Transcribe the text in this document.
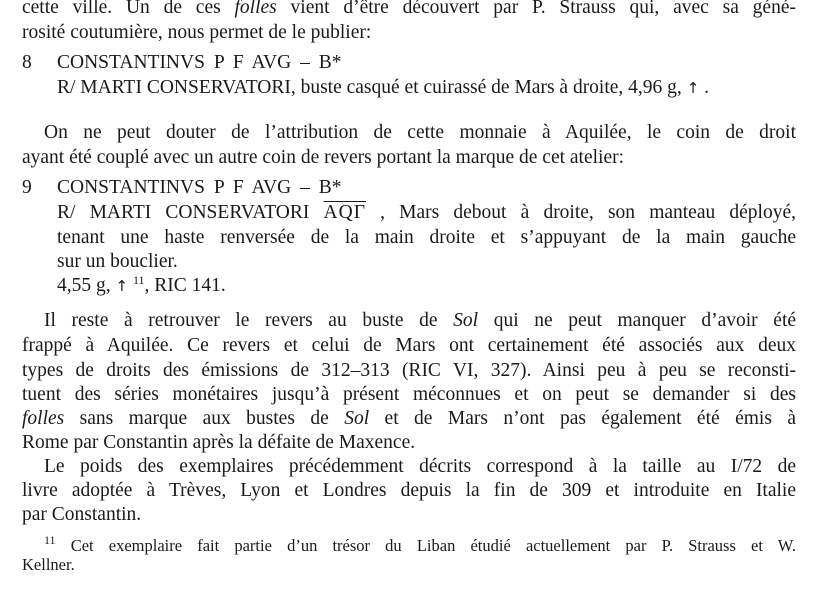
cette ville. Un de ces folles vient d’être découvert par P. Strauss qui, avec sa géné-
rosité coutumière, nous permet de le publier:
8 CONSTANTINVS P F AVG – B*
R/ MARTI CONSERVATORI, buste casqué et cuirassé de Mars à droite, 4,96 g, ↑ .
On ne peut douter de l’attribution de cette monnaie à Aquilée, le coin de droit
ayant été couplé avec un autre coin de revers portant la marque de cet atelier:
9 CONSTANTINVS P F AVG – B*
R/ MARTI CONSERVATORI $\overline{AQ\Gamma}$ , Mars debout à droite, son manteau déployé,
tenant une haste renversée de la main droite et s’appuyant de la main gauche
sur un bouclier.
4,55 g, ↑ $^{11}$, RIC 141.
Il reste à retrouver le revers au buste de Sol qui ne peut manquer d’avoir été
frappé à Aquilée. Ce revers et celui de Mars ont certainement été associés aux deux
types de droits des émissions de 312–313 (RIC VI, 327). Ainsi peu à peu se reconsti-
tuent des séries monétaires jusqu’à présent méconnues et on peut se demander si des
folles sans marque aux bustes de Sol et de Mars n’ont pas également été émis à
Rome par Constantin après la défaite de Maxence.
Le poids des exemplaires précédemment décrits correspond à la taille au I/72 de
livre adoptée à Trèves, Lyon et Londres depuis la fin de 309 et introduite en Italie
par Constantin.
$^{11}$ Cet exemplaire fait partie d’un trésor du Liban étudié actuellement par P. Strauss et W.
Kellner.
